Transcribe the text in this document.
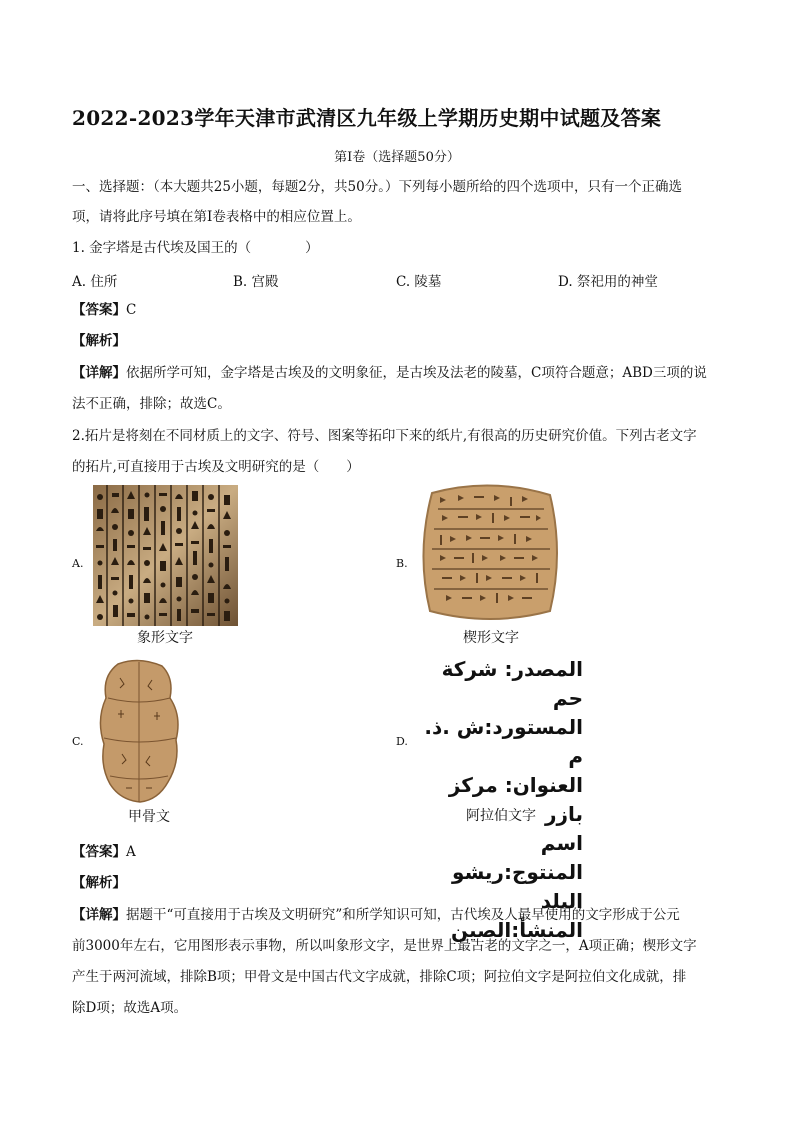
2022-2023学年天津市武清区九年级上学期历史期中试题及答案
第Ⅰ卷（选择题50分）
一、选择题：（本大题共25小题，每题2分，共50分。）下列每小题所给的四个选项中，只有一个正确选
项，请将此序号填在第Ⅰ卷表格中的相应位置上。
1. 金字塔是古代埃及国王的（　　　　）
A. 住所	B. 宫殿	C. 陵墓	D. 祭祀用的神堂
【答案】C
【解析】
【详解】依据所学可知，金字塔是古埃及的文明象征，是古埃及法老的陵墓，C项符合题意；ABD三项的说
法不正确，排除；故选C。
2.拓片是将刻在不同材质上的文字、符号、图案等拓印下来的纸片,有很高的历史研究价值。下列古老文字
的拓片,可直接用于古埃及文明研究的是（　　）
A.
象形文字
B.
楔形文字
C.
甲骨文
D.
المصدر: شركة حم
المستورد:ش .ذ. م
العنوان: مركز بازر
اسم المنتوج:ريشو
البلد المنشأ:الصين
阿拉伯文字
【答案】A
【解析】
【详解】据题干“可直接用于古埃及文明研究”和所学知识可知，古代埃及人最早使用的文字形成于公元
前3000年左右，它用图形表示事物，所以叫象形文字，是世界上最古老的文字之一，A项正确；楔形文字
产生于两河流域，排除B项；甲骨文是中国古代文字成就，排除C项；阿拉伯文字是阿拉伯文化成就，排
除D项；故选A项。
